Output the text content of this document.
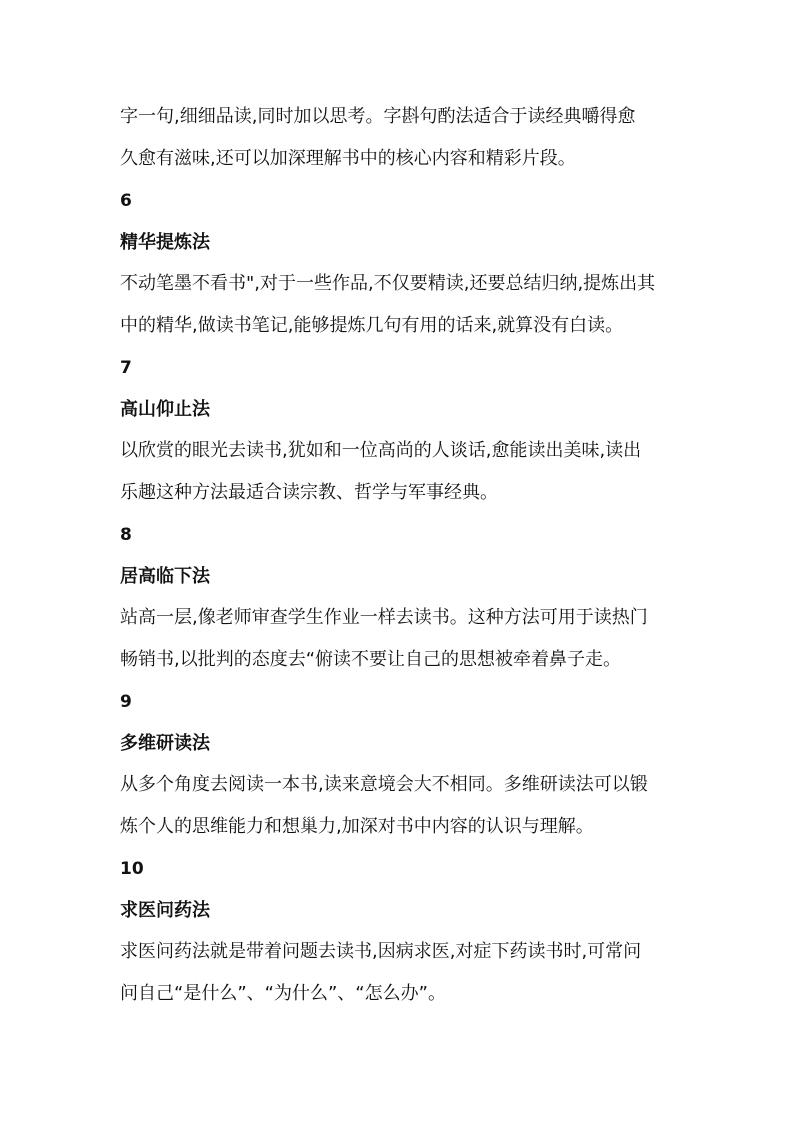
字一句,细细品读,同时加以思考。字斟句酌法适合于读经典嚼得愈
久愈有滋味,还可以加深理解书中的核心内容和精彩片段。
6
精华提炼法
不动笔墨不看书",对于一些作品,不仅要精读,还要总结归纳,提炼出其
中的精华,做读书笔记,能够提炼几句有用的话来,就算没有白读。
7
高山仰止法
以欣赏的眼光去读书,犹如和一位高尚的人谈话,愈能读出美味,读出
乐趣这种方法最适合读宗教、哲学与军事经典。
8
居高临下法
站高一层,像老师审查学生作业一样去读书。这种方法可用于读热门
畅销书,以批判的态度去“俯读不要让自己的思想被牵着鼻子走。
9
多维研读法
从多个角度去阅读一本书,读来意境会大不相同。多维研读法可以锻
炼个人的思维能力和想巢力,加深对书中内容的认识与理解。
10
求医问药法
求医问药法就是带着问题去读书,因病求医,对症下药读书时,可常问
问自己“是什么”、“为什么”、“怎么办”。
